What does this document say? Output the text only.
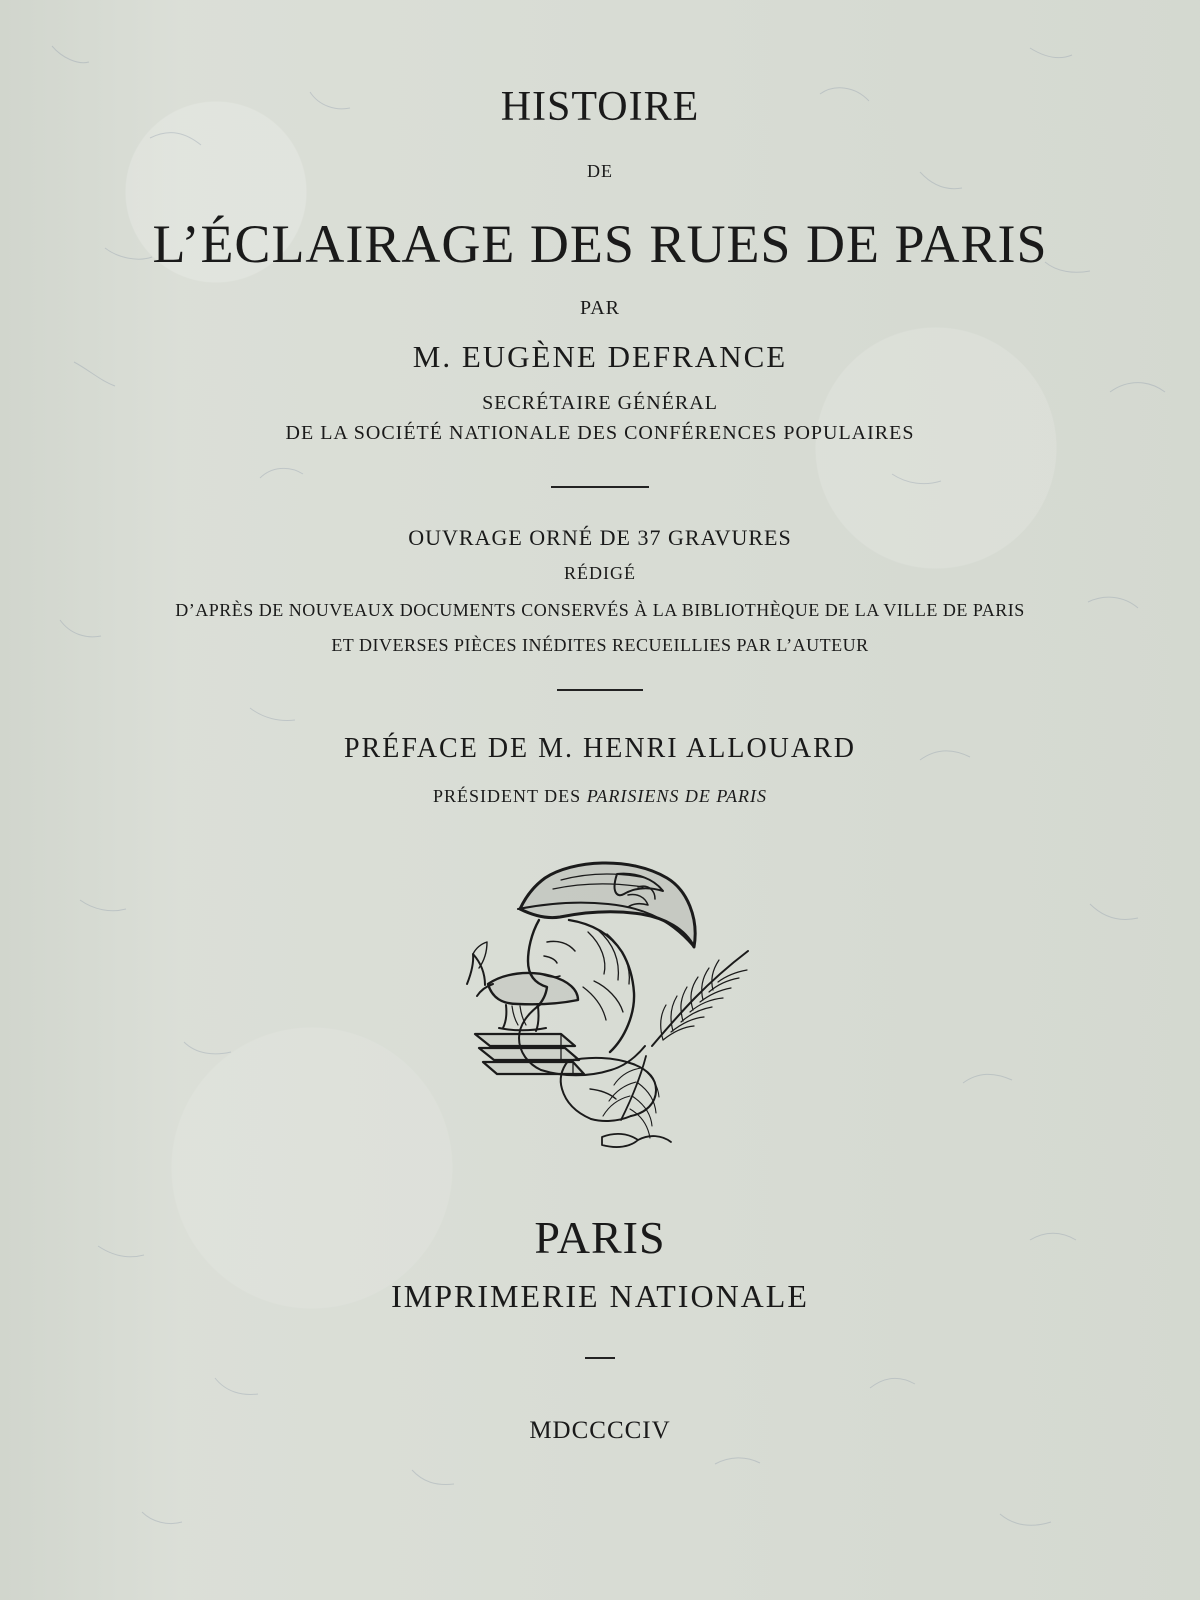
HISTOIRE
DE
L’ÉCLAIRAGE DES RUES DE PARIS
PAR
M. EUGÈNE DEFRANCE
SECRÉTAIRE GÉNÉRAL
DE LA SOCIÉTÉ NATIONALE DES CONFÉRENCES POPULAIRES
OUVRAGE ORNÉ DE 37 GRAVURES
RÉDIGÉ
D’APRÈS DE NOUVEAUX DOCUMENTS CONSERVÉS À LA BIBLIOTHÈQUE DE LA VILLE DE PARIS
ET DIVERSES PIÈCES INÉDITES RECUEILLIES PAR L’AUTEUR
PRÉFACE DE M. HENRI ALLOUARD
PRÉSIDENT DES PARISIENS DE PARIS
PARIS
IMPRIMERIE NATIONALE
MDCCCCIV
